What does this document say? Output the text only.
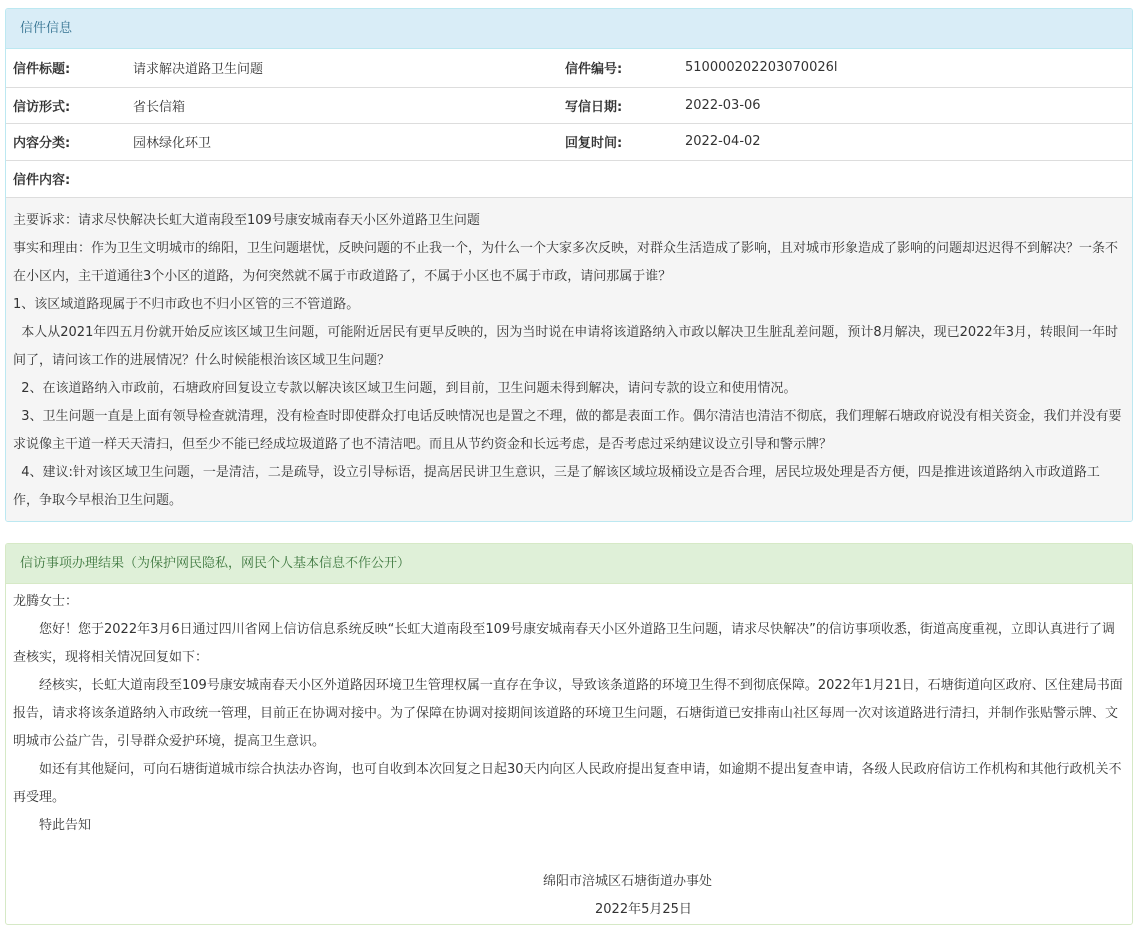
信件信息
信件标题:	请求解决道路卫生问题	信件编号:	510000202203070026l
信访形式:	省长信箱	写信日期:	2022-03-06
内容分类:	园林绿化环卫	回复时间:	2022-04-02
信件内容:			

主要诉求：请求尽快解决长虹大道南段至109号康安城南春天小区外道路卫生问题

事实和理由：作为卫生文明城市的绵阳，卫生问题堪忧，反映问题的不止我一个，为什么一个大家多次反映，对群众生活造成了影响，且对城市形象造成了影响的问题却迟迟得不到解决？一条不在小区内，主干道通往3个小区的道路，为何突然就不属于市政道路了，不属于小区也不属于市政，请问那属于谁？

1、该区域道路现属于不归市政也不归小区管的三不管道路。

本人从2021年四五月份就开始反应该区域卫生问题，可能附近居民有更早反映的，因为当时说在申请将该道路纳入市政以解决卫生脏乱差问题，预计8月解决，现已2022年3月，转眼间一年时间了，请问该工作的进展情况？什么时候能根治该区域卫生问题？

2、在该道路纳入市政前，石塘政府回复设立专款以解决该区域卫生问题，到目前，卫生问题未得到解决，请问专款的设立和使用情况。

3、卫生问题一直是上面有领导检查就清理，没有检查时即使群众打电话反映情况也是置之不理，做的都是表面工作。偶尔清洁也清洁不彻底，我们理解石塘政府说没有相关资金，我们并没有要求说像主干道一样天天清扫，但至少不能已经成垃圾道路了也不清洁吧。而且从节约资金和长远考虑，是否考虑过采纳建议设立引导和警示牌？

4、建议:针对该区域卫生问题，一是清洁，二是疏导，设立引导标语，提高居民讲卫生意识，三是了解该区域垃圾桶设立是否合理，居民垃圾处理是否方便，四是推进该道路纳入市政道路工作，争取今早根治卫生问题。

信访事项办理结果（为保护网民隐私，网民个人基本信息不作公开）

龙腾女士：

您好！您于2022年3月6日通过四川省网上信访信息系统反映“长虹大道南段至109号康安城南春天小区外道路卫生问题，请求尽快解决”的信访事项收悉，街道高度重视，立即认真进行了调查核实，现将相关情况回复如下：

经核实，长虹大道南段至109号康安城南春天小区外道路因环境卫生管理权属一直存在争议，导致该条道路的环境卫生得不到彻底保障。2022年1月21日，石塘街道向区政府、区住建局书面报告，请求将该条道路纳入市政统一管理，目前正在协调对接中。为了保障在协调对接期间该道路的环境卫生问题，石塘街道已安排南山社区每周一次对该道路进行清扫，并制作张贴警示牌、文明城市公益广告，引导群众爱护环境，提高卫生意识。

如还有其他疑问，可向石塘街道城市综合执法办咨询，也可自收到本次回复之日起30天内向区人民政府提出复查申请，如逾期不提出复查申请，各级人民政府信访工作机构和其他行政机关不再受理。

特此告知

绵阳市涪城区石塘街道办事处

2022年5月25日
